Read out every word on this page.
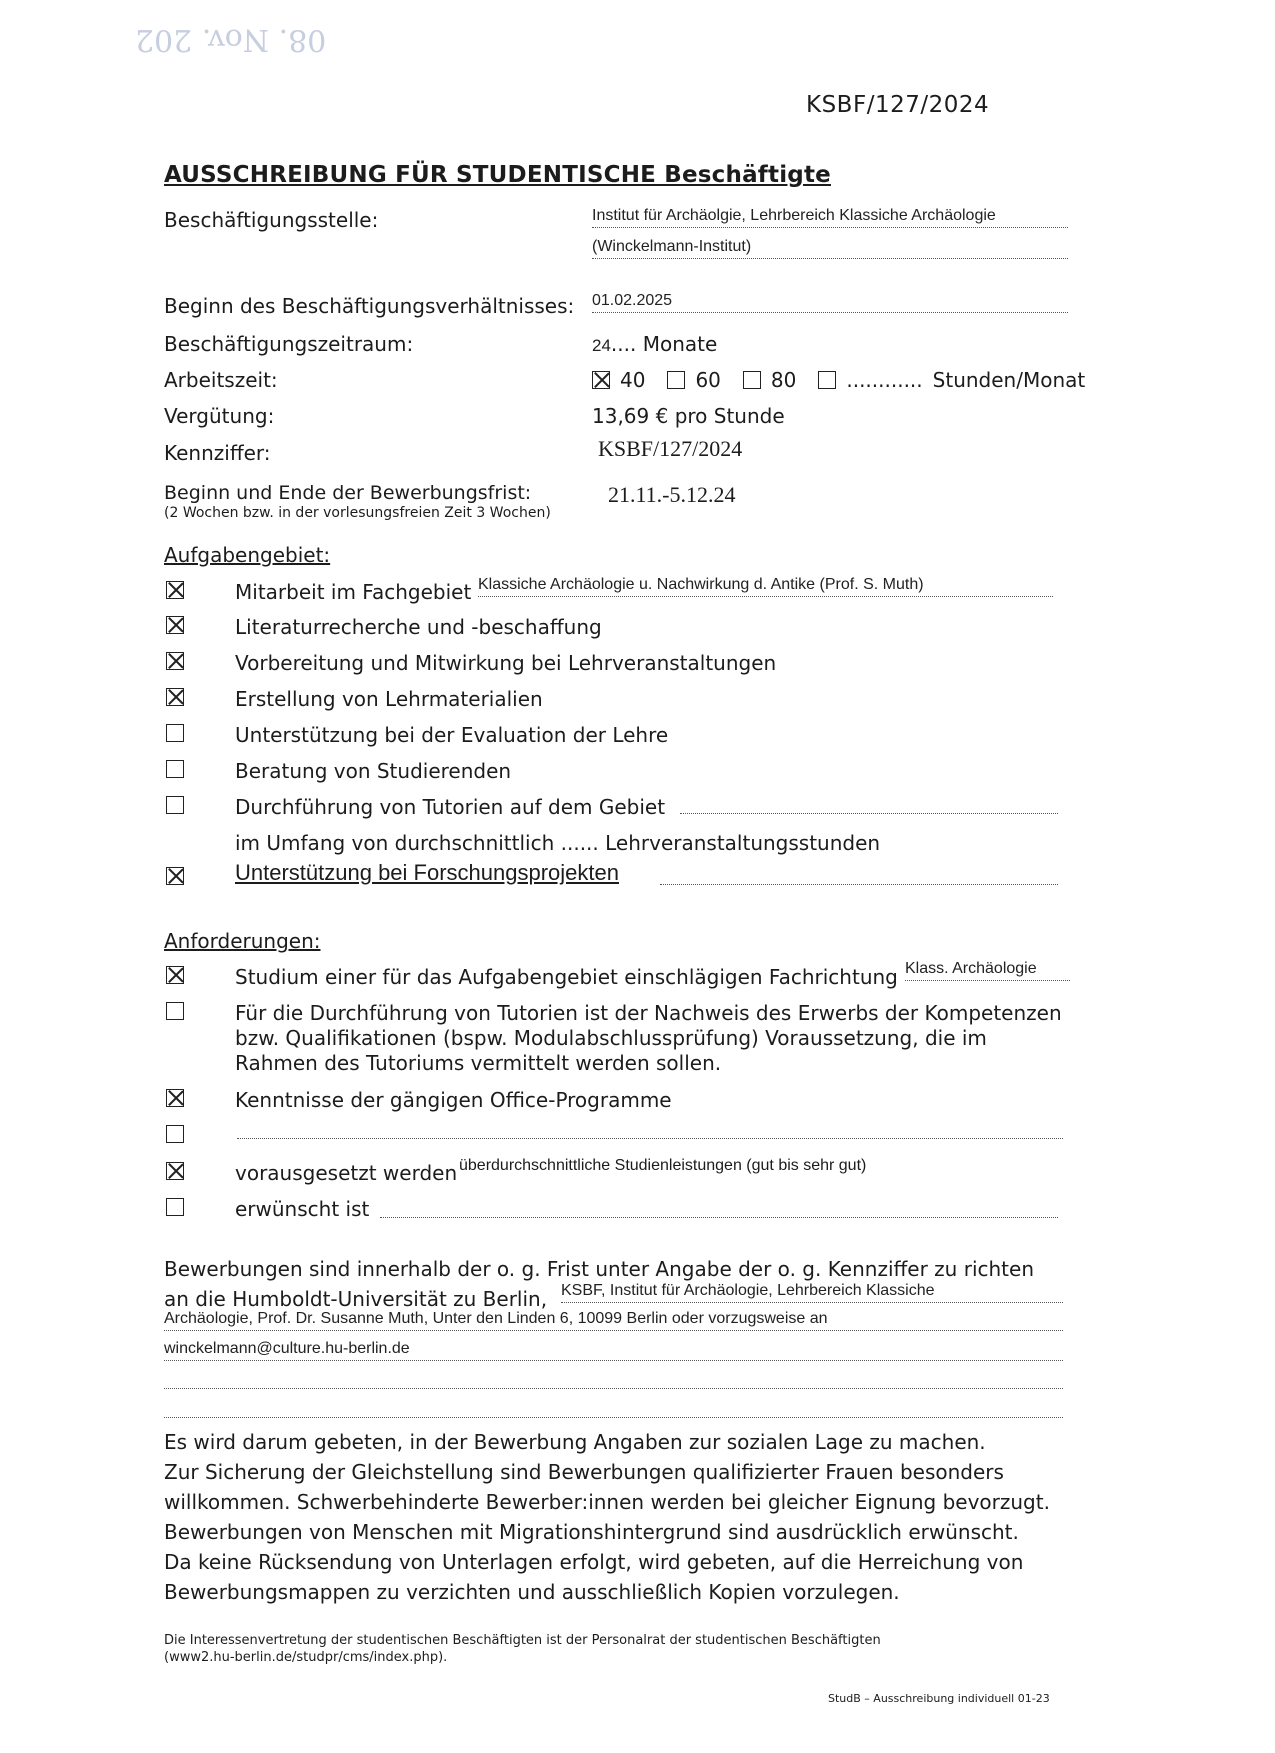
08. Nov. 202
KSBF/127/2024
AUSSCHREIBUNG FÜR STUDENTISCHE Beschäftigte
Beschäftigungsstelle:	Institut für Archäolgie, Lehrbereich Klassiche Archäologie
(Winckelmann-Institut)
Beginn des Beschäftigungsverhältnisses: 01.02.2025
Beschäftigungszeitraum:	24.... Monate
Arbeitszeit:	40	60	80	............ Stunden/Monat
Vergütung:	13,69 € pro Stunde
Kennziffer:	KSBF/127/2024
Beginn und Ende der Bewerbungsfrist:
(2 Wochen bzw. in der vorlesungsfreien Zeit 3 Wochen)
21.11.-5.12.24
Aufgabengebiet:
Mitarbeit im Fachgebiet Klassiche Archäologie u. Nachwirkung d. Antike (Prof. S. Muth)
Literaturrecherche und -beschaffung
Vorbereitung und Mitwirkung bei Lehrveranstaltungen
Erstellung von Lehrmaterialien
Unterstützung bei der Evaluation der Lehre
Beratung von Studierenden
Durchführung von Tutorien auf dem Gebiet
im Umfang von durchschnittlich ...... Lehrveranstaltungsstunden
Unterstützung bei Forschungsprojekten
Anforderungen:
Studium einer für das Aufgabengebiet einschlägigen Fachrichtung Klass. Archäologie
Für die Durchführung von Tutorien ist der Nachweis des Erwerbs der Kompetenzen
bzw. Qualifikationen (bspw. Modulabschlussprüfung) Voraussetzung, die im
Rahmen des Tutoriums vermittelt werden sollen.
Kenntnisse der gängigen Office-Programme
vorausgesetzt werden überdurchschnittliche Studienleistungen (gut bis sehr gut)
erwünscht ist
Bewerbungen sind innerhalb der o. g. Frist unter Angabe der o. g. Kennziffer zu richten
an die Humboldt-Universität zu Berlin, KSBF, Institut für Archäologie, Lehrbereich Klassiche
Archäologie, Prof. Dr. Susanne Muth, Unter den Linden 6, 10099 Berlin oder vorzugsweise an
winckelmann@culture.hu-berlin.de
Es wird darum gebeten, in der Bewerbung Angaben zur sozialen Lage zu machen.
Zur Sicherung der Gleichstellung sind Bewerbungen qualifizierter Frauen besonders
willkommen. Schwerbehinderte Bewerber:innen werden bei gleicher Eignung bevorzugt.
Bewerbungen von Menschen mit Migrationshintergrund sind ausdrücklich erwünscht.
Da keine Rücksendung von Unterlagen erfolgt, wird gebeten, auf die Herreichung von
Bewerbungsmappen zu verzichten und ausschließlich Kopien vorzulegen.
Die Interessenvertretung der studentischen Beschäftigten ist der Personalrat der studentischen Beschäftigten
(www2.hu-berlin.de/studpr/cms/index.php).
StudB – Ausschreibung individuell 01-23
